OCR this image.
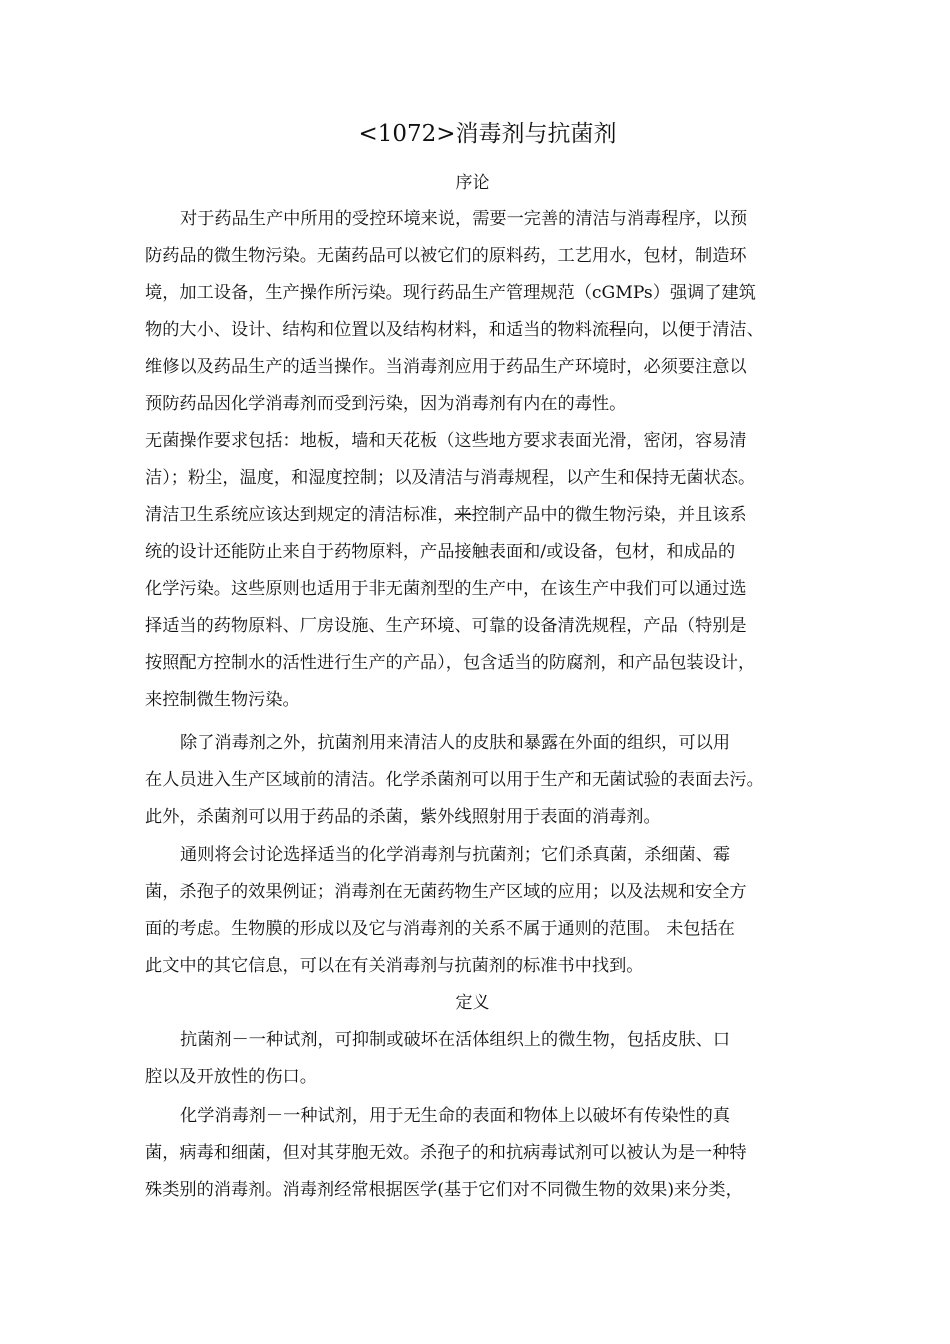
<1072>消毒剂与抗菌剂
序论
对于药品生产中所用的受控环境来说，需要一完善的清洁与消毒程序，以预
防药品的微生物污染。无菌药品可以被它们的原料药，工艺用水，包材，制造环
境，加工设备，生产操作所污染。现行药品生产管理规范（cGMPs）强调了建筑
物的大小、设计、结构和位置以及结构材料，和适当的物料流程向，以便于清洁、
维修以及药品生产的适当操作。当消毒剂应用于药品生产环境时，必须要注意以
预防药品因化学消毒剂而受到污染，因为消毒剂有内在的毒性。
无菌操作要求包括：地板，墙和天花板（这些地方要求表面光滑，密闭，容易清
洁）；粉尘，温度，和湿度控制；以及清洁与消毒规程，以产生和保持无菌状态。
清洁卫生系统应该达到规定的清洁标准，来控制产品中的微生物污染，并且该系
统的设计还能防止来自于药物原料，产品接触表面和/或设备，包材，和成品的
化学污染。这些原则也适用于非无菌剂型的生产中，在该生产中我们可以通过选
择适当的药物原料、厂房设施、生产环境、可靠的设备清洗规程，产品（特别是
按照配方控制水的活性进行生产的产品），包含适当的防腐剂，和产品包装设计，
来控制微生物污染。
除了消毒剂之外，抗菌剂用来清洁人的皮肤和暴露在外面的组织，可以用
在人员进入生产区域前的清洁。化学杀菌剂可以用于生产和无菌试验的表面去污。
此外，杀菌剂可以用于药品的杀菌，紫外线照射用于表面的消毒剂。
通则将会讨论选择适当的化学消毒剂与抗菌剂；它们杀真菌，杀细菌、霉
菌，杀孢子的效果例证；消毒剂在无菌药物生产区域的应用；以及法规和安全方
面的考虑。生物膜的形成以及它与消毒剂的关系不属于通则的范围。 未包括在
此文中的其它信息，可以在有关消毒剂与抗菌剂的标准书中找到。
定义
抗菌剂－一种试剂，可抑制或破坏在活体组织上的微生物，包括皮肤、口
腔以及开放性的伤口。
化学消毒剂－一种试剂，用于无生命的表面和物体上以破坏有传染性的真
菌，病毒和细菌，但对其芽胞无效。杀孢子的和抗病毒试剂可以被认为是一种特
殊类别的消毒剂。消毒剂经常根据医学(基于它们对不同微生物的效果)来分类，
